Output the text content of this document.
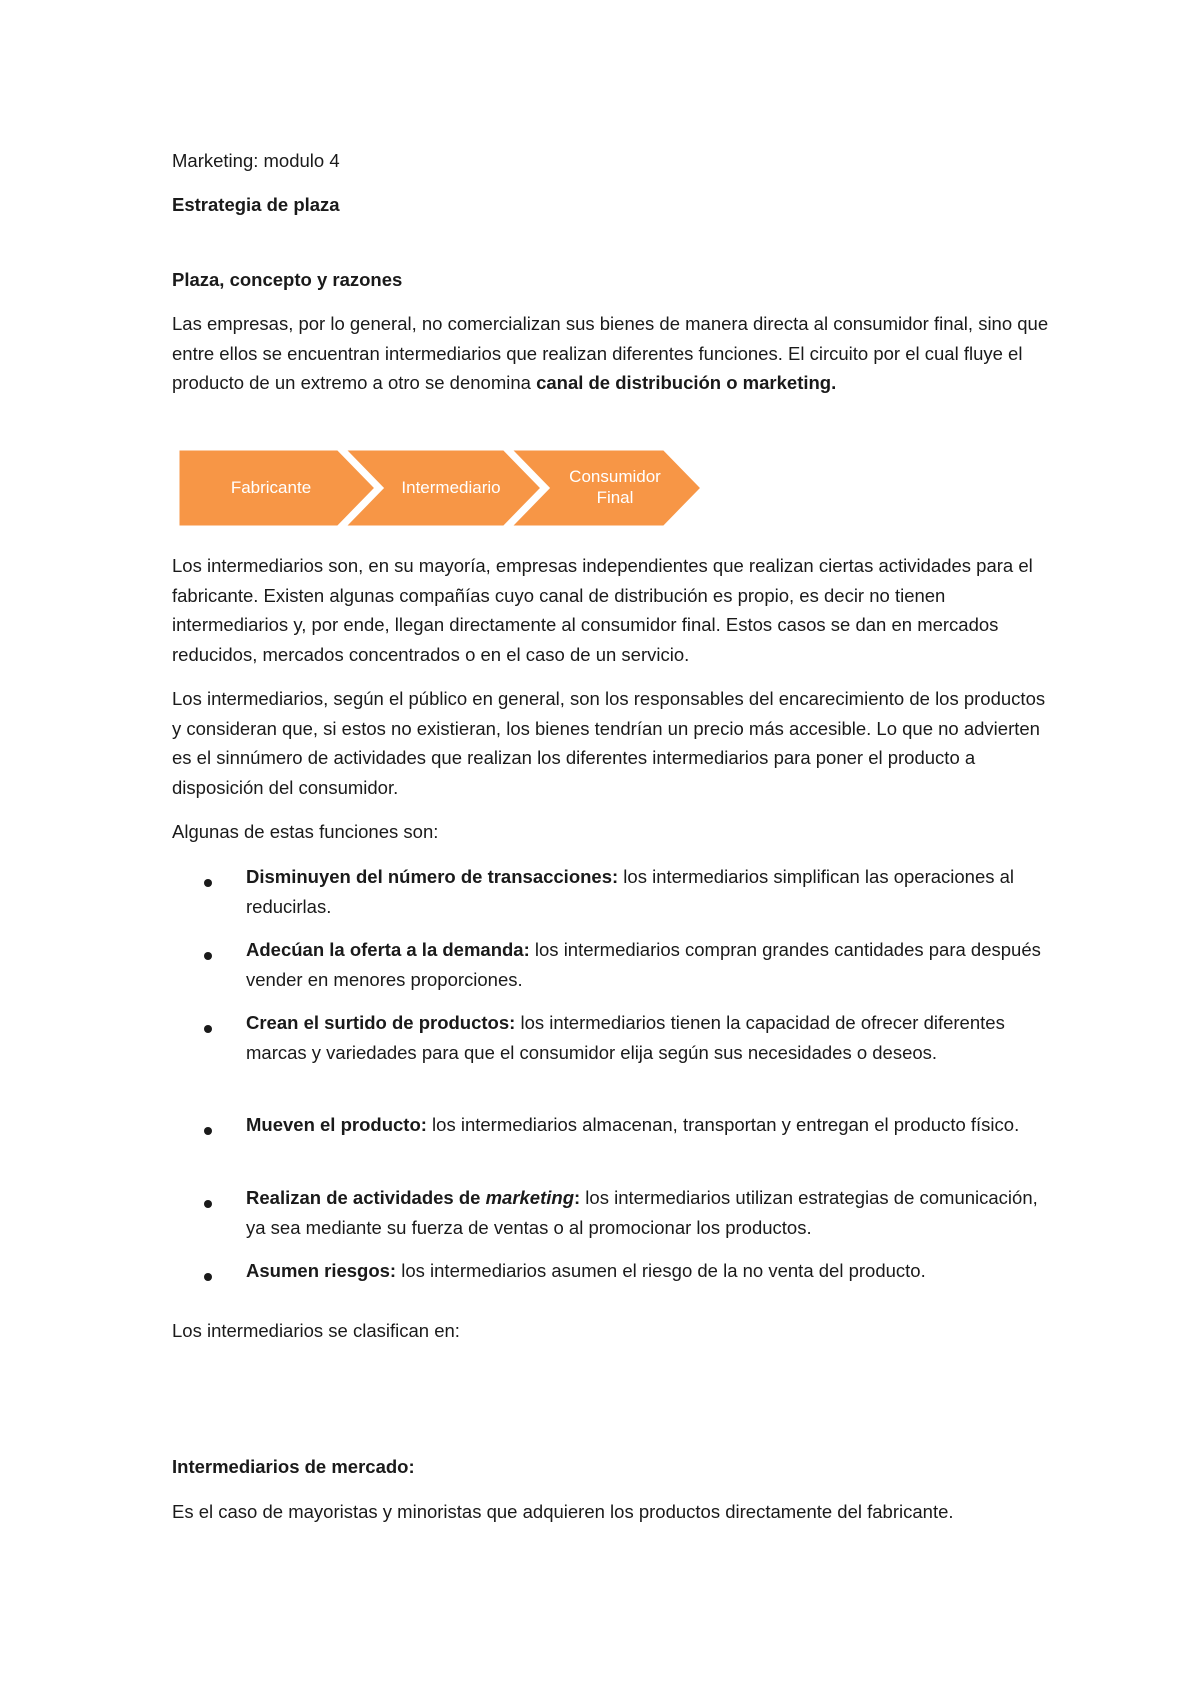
Marketing: modulo 4

Estrategia de plaza

Plaza, concepto y razones

Las empresas, por lo general, no comercializan sus bienes de manera directa al consumidor final, sino que entre ellos se encuentran intermediarios que realizan diferentes funciones. El circuito por el cual fluye el producto de un extremo a otro se denomina canal de distribución o marketing.

Los intermediarios son, en su mayoría, empresas independientes que realizan ciertas actividades para el fabricante. Existen algunas compañías cuyo canal de distribución es propio, es decir no tienen intermediarios y, por ende, llegan directamente al consumidor final. Estos casos se dan en mercados reducidos, mercados concentrados o en el caso de un servicio.

Los intermediarios, según el público en general, son los responsables del encarecimiento de los productos y consideran que, si estos no existieran, los bienes tendrían un precio más accesible. Lo que no advierten es el sinnúmero de actividades que realizan los diferentes intermediarios para poner el producto a disposición del consumidor.

Algunas de estas funciones son:

Disminuyen del número de transacciones: los intermediarios simplifican las operaciones al reducirlas.
Adecúan la oferta a la demanda: los intermediarios compran grandes cantidades para después vender en menores proporciones.
Crean el surtido de productos: los intermediarios tienen la capacidad de ofrecer diferentes marcas y variedades para que el consumidor elija según sus necesidades o deseos.
Mueven el producto: los intermediarios almacenan, transportan y entregan el producto físico.
Realizan de actividades de marketing: los intermediarios utilizan estrategias de comunicación, ya sea mediante su fuerza de ventas o al promocionar los productos.
Asumen riesgos: los intermediarios asumen el riesgo de la no venta del producto.

Los intermediarios se clasifican en:

Intermediarios de mercado:

Es el caso de mayoristas y minoristas que adquieren los productos directamente del fabricante.

Fabricante	Intermediario
Consumidor
Final
